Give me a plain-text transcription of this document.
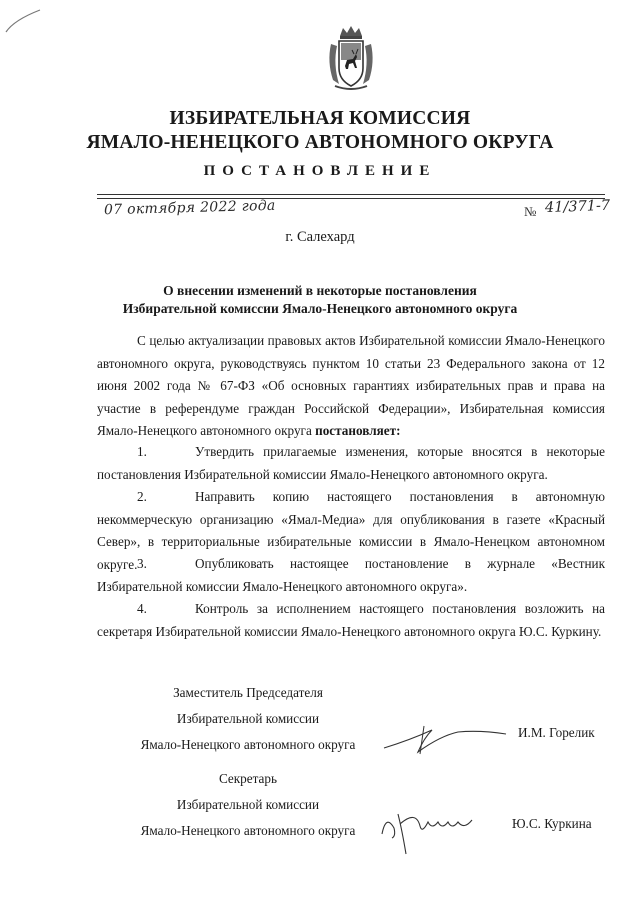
ИЗБИРАТЕЛЬНАЯ КОМИССИЯ
ЯМАЛО-НЕНЕЦКОГО АВТОНОМНОГО ОКРУГА
ПОСТАНОВЛЕНИЕ
07 октября 2022 года	№ 41/371-7
г. Салехард
О внесении изменений в некоторые постановления
Избирательной комиссии Ямало-Ненецкого автономного округа

С целью актуализации правовых актов Избирательной комиссии Ямало-Ненецкого автономного округа, руководствуясь пунктом 10 статьи 23 Федерального закона от 12 июня 2002 года № 67-ФЗ «Об основных гарантиях избирательных прав и права на участие в референдуме граждан Российской Федерации», Избирательная комиссия Ямало-Ненецкого автономного округа постановляет:

1.	Утвердить прилагаемые изменения, которые вносятся в некоторые постановления Избирательной комиссии Ямало-Ненецкого автономного округа.

2.	Направить копию настоящего постановления в автономную некоммерческую организацию «Ямал-Медиа» для опубликования в газете «Красный Север», в территориальные избирательные комиссии в Ямало-Ненецком автономном округе. 3.	Опубликовать настоящее постановление в журнале «Вестник Избирательной комиссии Ямало-Ненецкого автономного округа».

4.	Контроль за исполнением настоящего постановления возложить на секретаря Избирательной комиссии Ямало-Ненецкого автономного округа Ю.С. Куркину.

Заместитель Председателя
Избирательной комиссии
Ямало-Ненецкого автономного округа
И.М. Горелик
Секретарь
Избирательной комиссии
Ямало-Ненецкого автономного округа	Ю.С. Куркина
